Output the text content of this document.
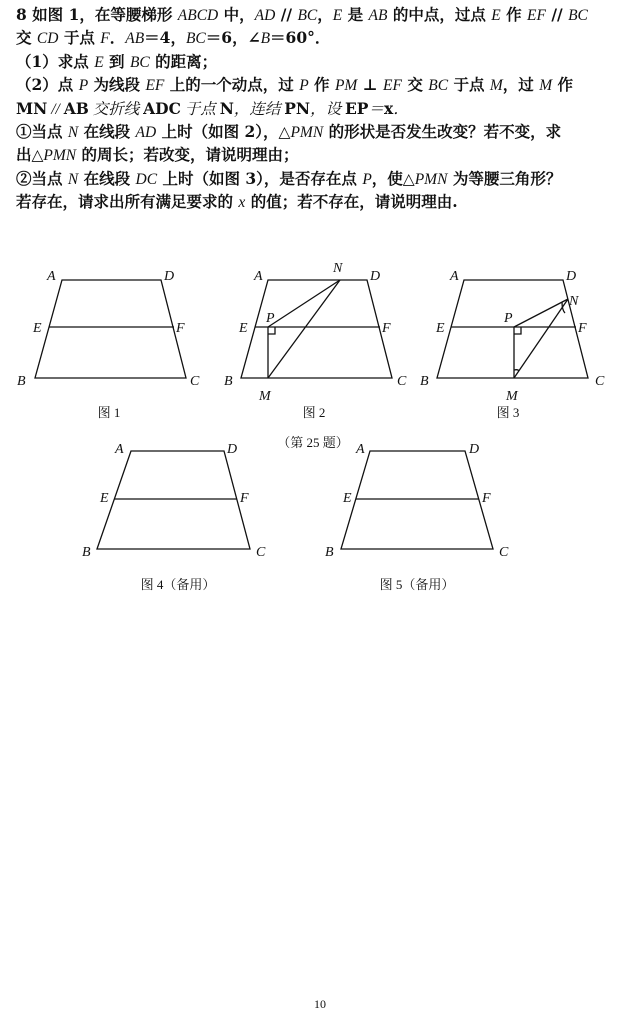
8 如图 1，在等腰梯形 ABCD 中，AD // BC，E 是 AB 的中点，过点 E 作 EF // BC
交 CD 于点 F．AB＝4，BC＝6，∠B＝60°．
（1）求点 E 到 BC 的距离；
（2）点 P 为线段 EF 上的一个动点，过 P 作 PM ⊥ EF 交 BC 于点 M，过 M 作
MN // AB 交折线 ADC 于点 N，连结 PN，设 EP＝x．
①当点 N 在线段 AD 上时（如图 2），△PMN 的形状是否发生改变？若不变，求
出△PMN 的周长；若改变，请说明理由；
②当点 N 在线段 DC 上时（如图 3），是否存在点 P，使△PMN 为等腰三角形？
若存在，请求出所有满足要求的 x 的值；若不存在，请说明理由.
A	D
E	F
B	C
图 1
A	D
E	F
B	C
P
M
N
图 2
A	D
E	F
B	C
P
M
N
图 3
（第 25 题）
A	D
E	F
B	C
图 4（备用）
A	D
E	F
B	C
图 5（备用）
10
